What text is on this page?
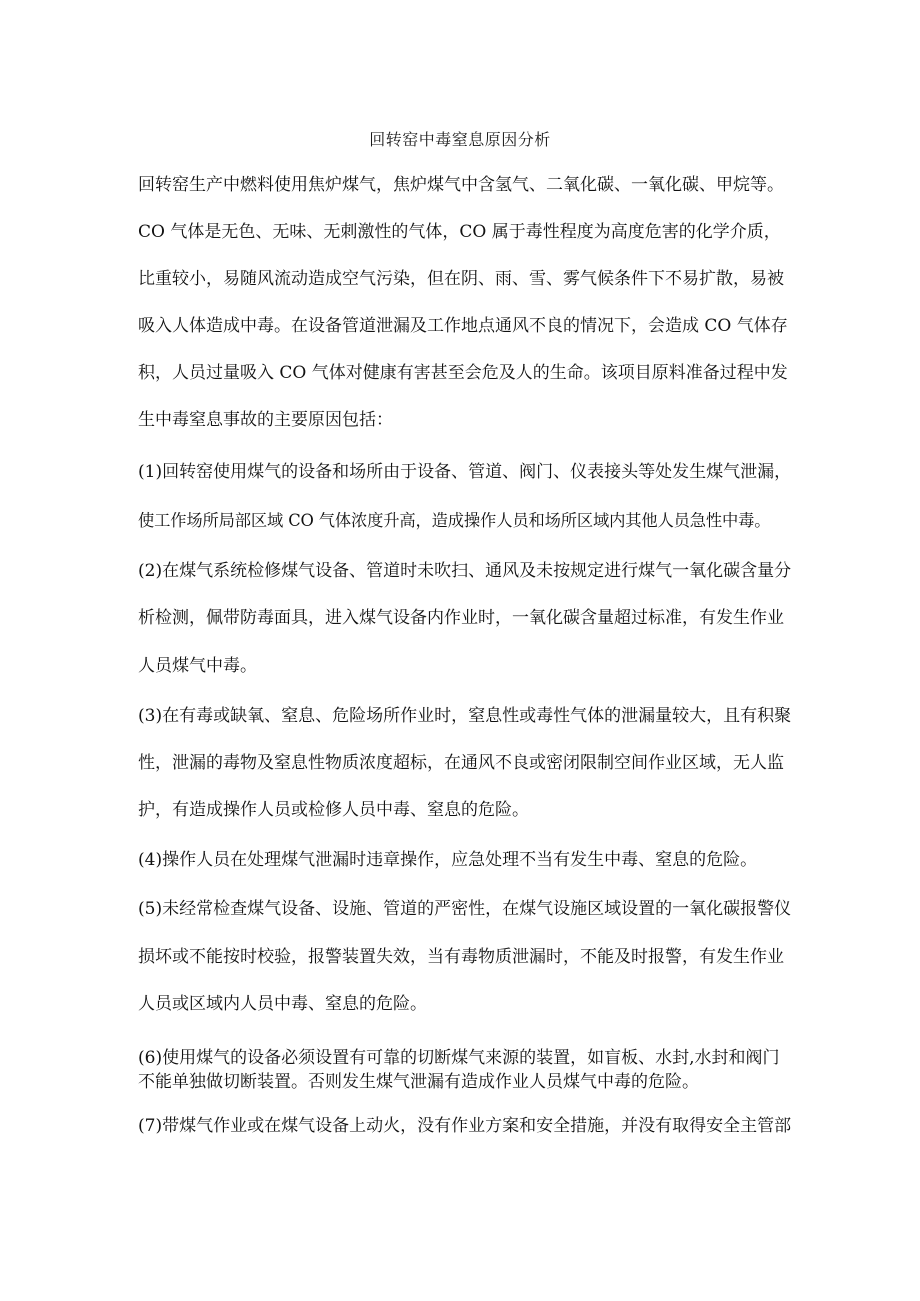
回转窑中毒窒息原因分析
回转窑生产中燃料使用焦炉煤气，焦炉煤气中含氢气、二氧化碳、一氧化碳、甲烷等。
CO 气体是无色、无味、无刺激性的气体，CO 属于毒性程度为高度危害的化学介质，
比重较小，易随风流动造成空气污染，但在阴、雨、雪、雾气候条件下不易扩散，易被
吸入人体造成中毒。在设备管道泄漏及工作地点通风不良的情况下，会造成 CO 气体存
积，人员过量吸入 CO 气体对健康有害甚至会危及人的生命。该项目原料准备过程中发
生中毒窒息事故的主要原因包括：
(1)回转窑使用煤气的设备和场所由于设备、管道、阀门、仪表接头等处发生煤气泄漏，
使工作场所局部区域 CO 气体浓度升高，造成操作人员和场所区域内其他人员急性中毒。
(2)在煤气系统检修煤气设备、管道时未吹扫、通风及未按规定进行煤气一氧化碳含量分
析检测，佩带防毒面具，进入煤气设备内作业时，一氧化碳含量超过标准，有发生作业
人员煤气中毒。
(3)在有毒或缺氧、窒息、危险场所作业时，窒息性或毒性气体的泄漏量较大，且有积聚
性，泄漏的毒物及窒息性物质浓度超标，在通风不良或密闭限制空间作业区域，无人监
护，有造成操作人员或检修人员中毒、窒息的危险。
(4)操作人员在处理煤气泄漏时违章操作，应急处理不当有发生中毒、窒息的危险。
(5)未经常检查煤气设备、设施、管道的严密性，在煤气设施区域设置的一氧化碳报警仪
损坏或不能按时校验，报警装置失效，当有毒物质泄漏时，不能及时报警，有发生作业
人员或区域内人员中毒、窒息的危险。
(6)使用煤气的设备必须设置有可靠的切断煤气来源的装置，如盲板、水封,水封和阀门
不能单独做切断装置。否则发生煤气泄漏有造成作业人员煤气中毒的危险。
(7)带煤气作业或在煤气设备上动火，没有作业方案和安全措施，并没有取得安全主管部
